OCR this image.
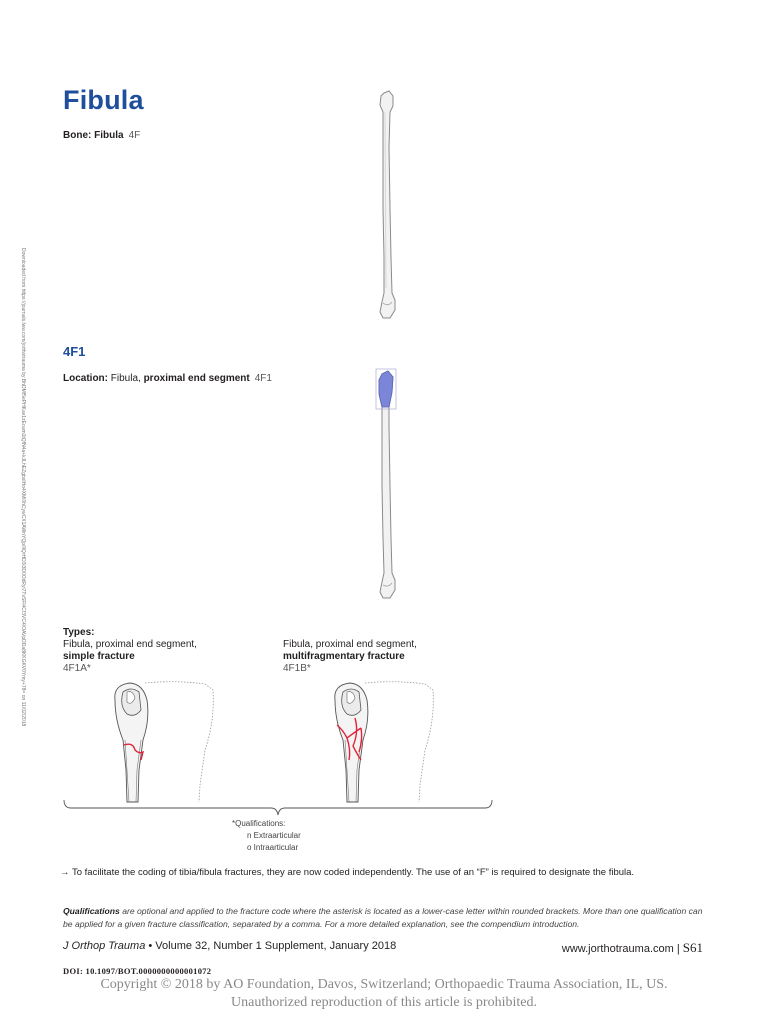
Fibula
Bone: Fibula 4F
4F1
Location: Fibula, proximal end segment 4F1
Types:
Fibula, proximal end segment,
simple fracture
4F1A*
Fibula, proximal end segment,
multifragmentary fracture
4F1B*
*Qualifications:
n Extraarticular
o Intraarticular
→ To facilitate the coding of tibia/fibula fractures, they are now coded independently. The use of an “F” is required to designate the fibula.
Qualifications are optional and applied to the fracture code where the asterisk is located as a lower-case letter within rounded brackets. More than one qualification can be applied for a given fracture classification, separated by a comma. For a more detailed explanation, see the compendium introduction.
J Orthop Trauma • Volume 32, Number 1 Supplement, January 2018	www.jorthotrauma.com | S61
DOI: 10.1097/BOT.0000000000001072
Copyright © 2018 by AO Foundation, Davos, Switzerland; Orthopaedic Trauma Association, IL, US.
Unauthorized reproduction of this article is prohibited.
Downloaded from https://journals.lww.com/jorthotrauma by BhDMf5ePHKav1zEoum1tQfN4a+kJLhEZgbsIHo4XMi0hCywCX1AWnYQp/IlQrHD3i3D0OdRyi7TvSFl4Cf3VC4/OAVpDDa8KKGKV0Ymy+78= on 11/02/2018
